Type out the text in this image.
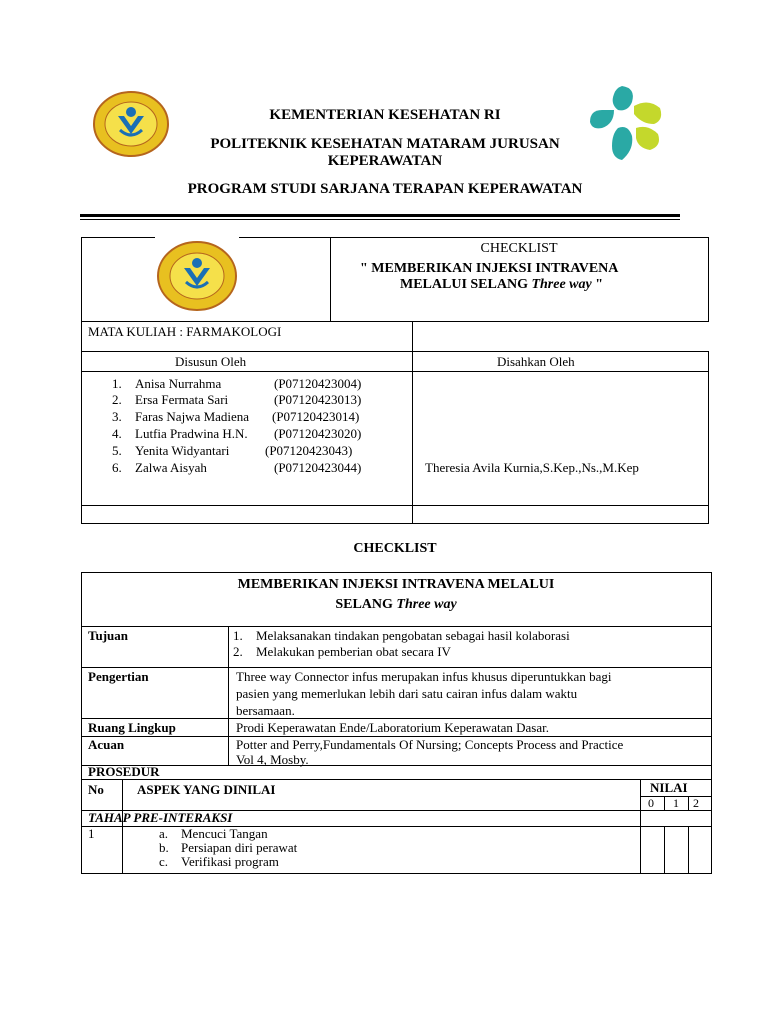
KEMENTERIAN KESEHATAN RI
POLITEKNIK KESEHATAN MATARAM JURUSAN
KEPERAWATAN
PROGRAM STUDI SARJANA TERAPAN KEPERAWATAN
CHECKLIST
" MEMBERIKAN INJEKSI INTRAVENA
MELALUI SELANG Three way "
MATA KULIAH : FARMAKOLOGI
Disusun Oleh	Disahkan Oleh
1. Anisa Nurrahma	(P07120423004)
2. Ersa Fermata Sari	(P07120423013)
3. Faras Najwa Madiena (P07120423014)
4. Lutfia Pradwina H.N. (P07120423020)
5. Yenita Widyantari	(P07120423043)
6. Zalwa Aisyah	(P07120423044)	Theresia Avila Kurnia,S.Kep.,Ns.,M.Kep
CHECKLIST
MEMBERIKAN INJEKSI INTRAVENA MELALUI
SELANG Three way
Tujuan	1. Melaksanakan tindakan pengobatan sebagai hasil kolaborasi
2. Melakukan pemberian obat secara IV
Pengertian	Three way Connector infus merupakan infus khusus diperuntukkan bagi
pasien yang memerlukan lebih dari satu cairan infus dalam waktu
bersamaan.
Ruang Lingkup	Prodi Keperawatan Ende/Laboratorium Keperawatan Dasar.
Acuan	Potter and Perry,Fundamentals Of Nursing; Concepts Process and Practice
Vol 4, Mosby.
PROSEDUR
No	ASPEK YANG DINILAI	NILAI
0 1 2
TAHAP PRE-INTERAKSI
1	a. Mencuci Tangan
b. Persiapan diri perawat
c. Verifikasi program
